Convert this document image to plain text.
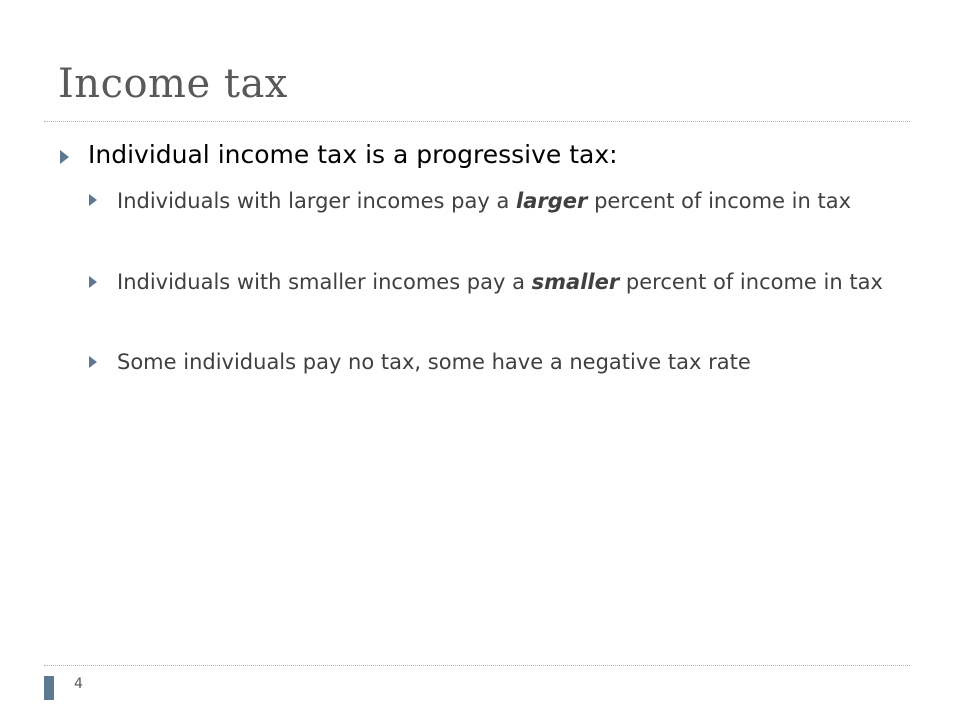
Income tax
Individual income tax is a progressive tax:
Individuals with larger incomes pay a larger percent of income in tax
Individuals with smaller incomes pay a smaller percent of income in tax
Some individuals pay no tax, some have a negative tax rate
4
